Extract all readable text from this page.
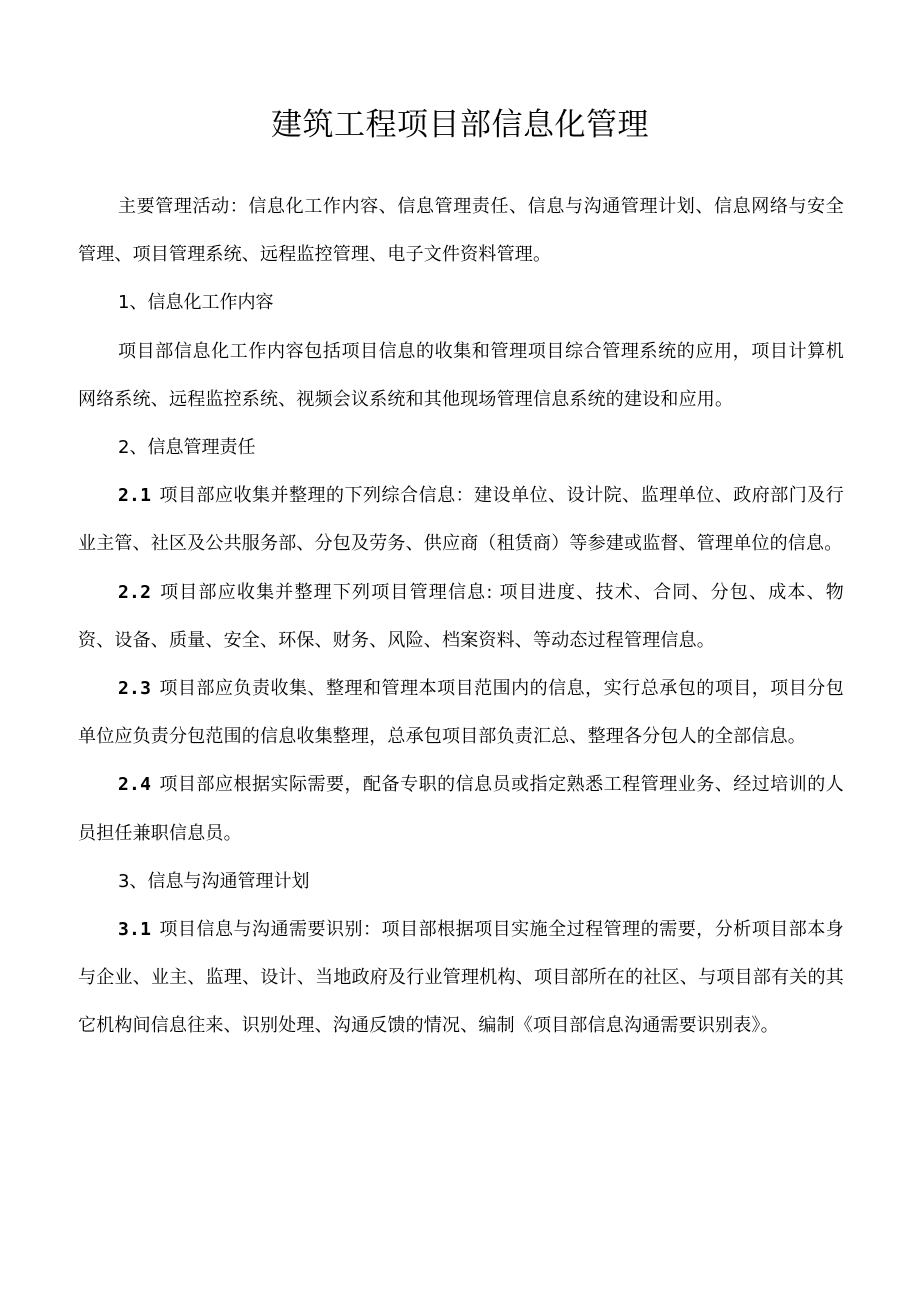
建筑工程项目部信息化管理

主要管理活动：信息化工作内容、信息管理责任、信息与沟通管理计划、信息网络与安全管理、项目管理系统、远程监控管理、电子文件资料管理。

1、信息化工作内容

项目部信息化工作内容包括项目信息的收集和管理项目综合管理系统的应用，项目计算机网络系统、远程监控系统、视频会议系统和其他现场管理信息系统的建设和应用。

2、信息管理责任

2.1 项目部应收集并整理的下列综合信息：建设单位、设计院、监理单位、政府部门及行业主管、社区及公共服务部、分包及劳务、供应商（租赁商）等参建或监督、管理单位的信息。

2.2 项目部应收集并整理下列项目管理信息: 项目进度、技术、合同、分包、成本、物资、设备、质量、安全、环保、财务、风险、档案资料、等动态过程管理信息。

2.3 项目部应负责收集、整理和管理本项目范围内的信息，实行总承包的项目，项目分包单位应负责分包范围的信息收集整理，总承包项目部负责汇总、整理各分包人的全部信息。

2.4 项目部应根据实际需要，配备专职的信息员或指定熟悉工程管理业务、经过培训的人员担任兼职信息员。

3、信息与沟通管理计划

3.1 项目信息与沟通需要识别：项目部根据项目实施全过程管理的需要，分析项目部本身与企业、业主、监理、设计、当地政府及行业管理机构、项目部所在的社区、与项目部有关的其它机构间信息往来、识别处理、沟通反馈的情况、编制《项目部信息沟通需要识别表》。
